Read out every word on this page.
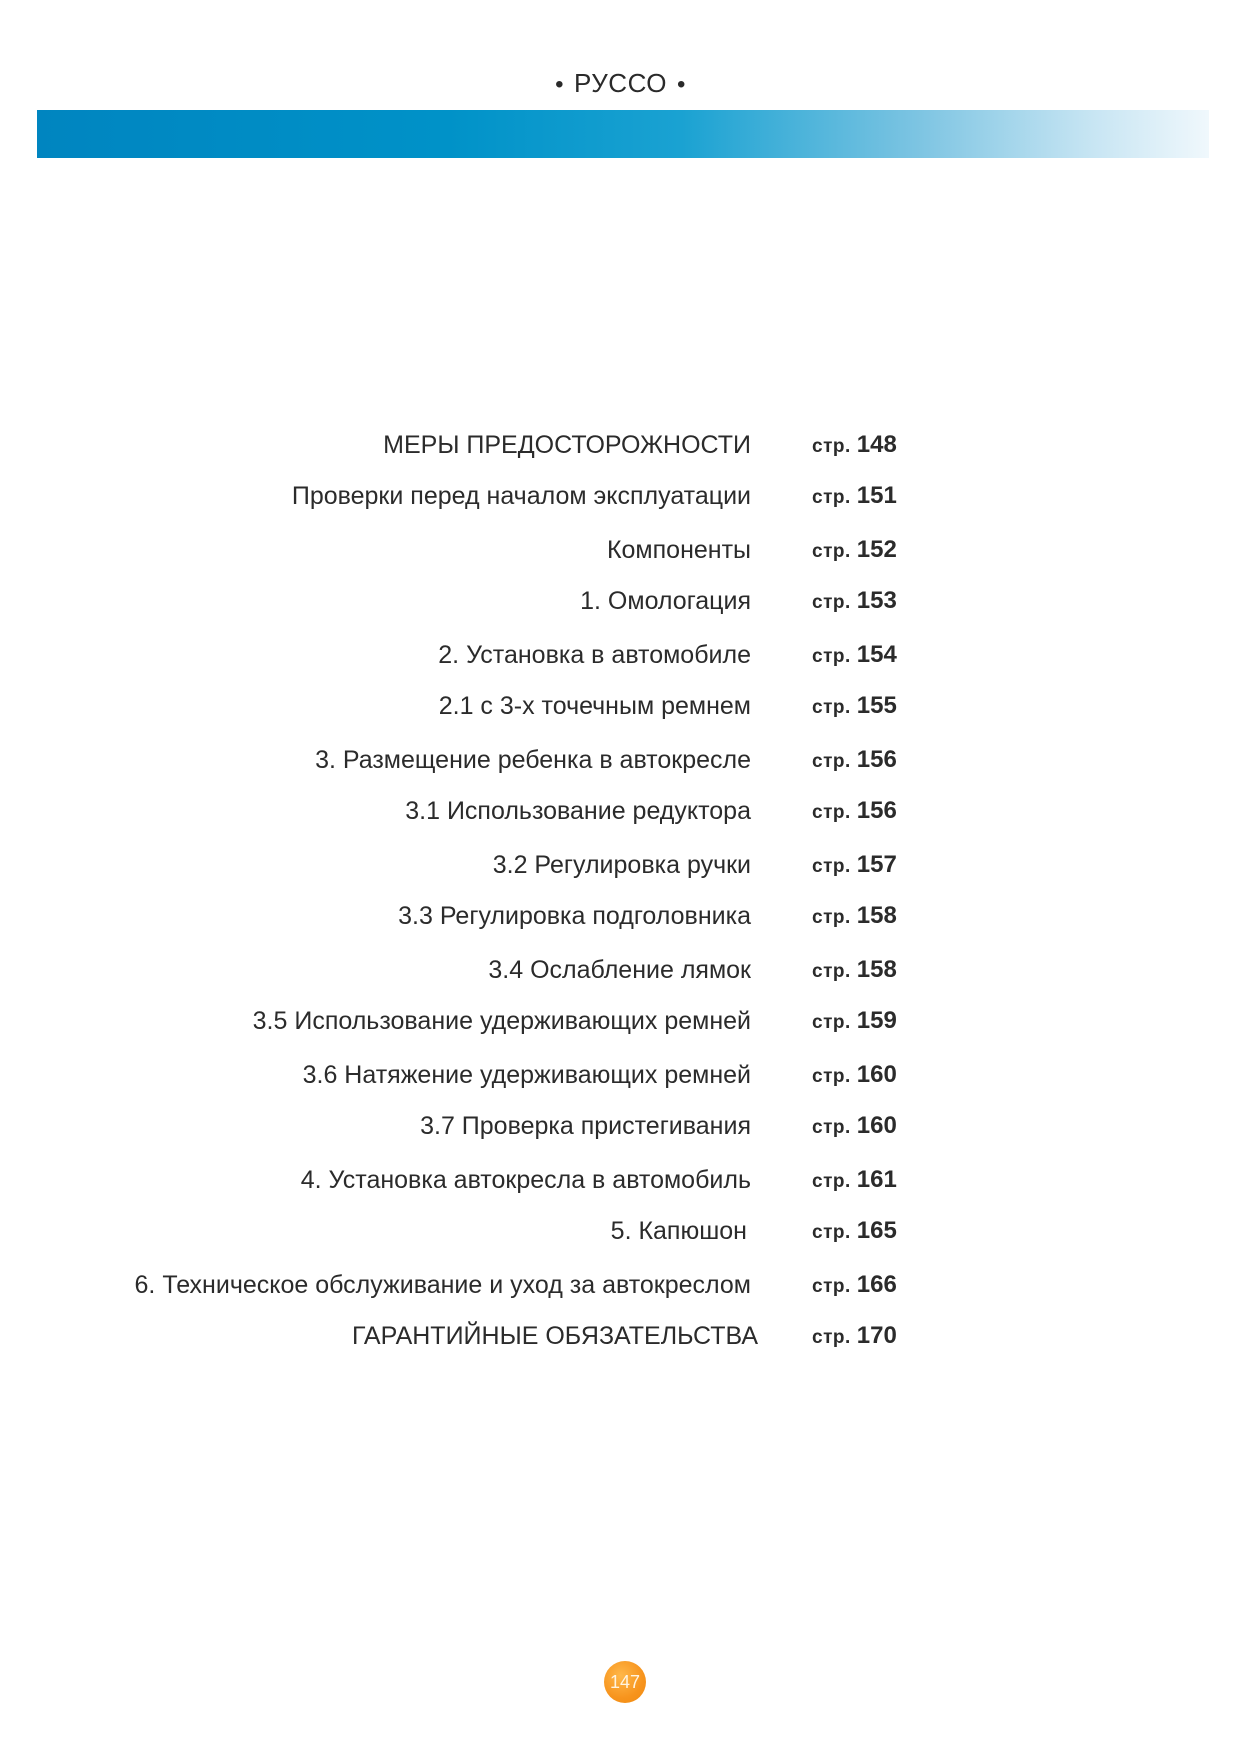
• РУССО •
МЕРЫ ПРЕДОСТОРОЖНОСТИ	стр. 148
Проверки перед началом эксплуатации	стр. 151
Компоненты	стр. 152
1. Омологация	стр. 153
2. Установка в автомобиле	стр. 154
2.1 с 3-х точечным ремнем	стр. 155
3. Размещение ребенка в автокресле	стр. 156
3.1 Использование редуктора	стр. 156
3.2 Регулировка ручки	стр. 157
3.3 Регулировка подголовника	стр. 158
3.4 Ослабление лямок	стр. 158
3.5 Использование удерживающих ремней	стр. 159
3.6 Натяжение удерживающих ремней	стр. 160
3.7 Проверка пристегивания	стр. 160
4. Установка автокресла в автомобиль	стр. 161
5. Капюшон	стр. 165
6. Техническое обслуживание и уход за автокреслом	стр. 166
ГАРАНТИЙНЫЕ ОБЯЗАТЕЛЬСТВА	стр. 170
147
